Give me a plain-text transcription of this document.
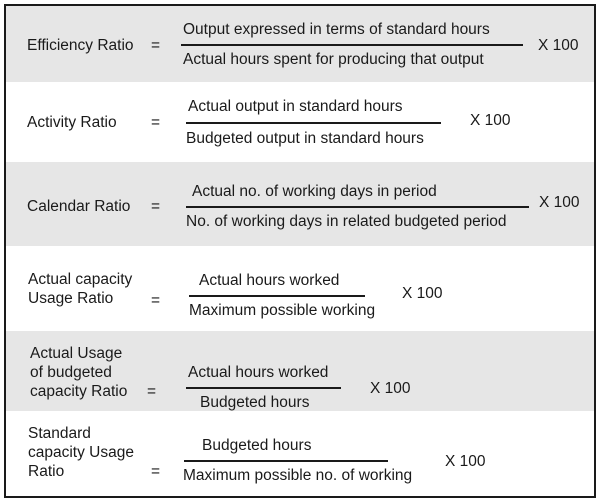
Efficiency Ratio =
Output expressed in terms of standard hours
Actual hours spent for producing that output
X 100
Activity Ratio =
Actual output in standard hours
Budgeted output in standard hours
X 100
Calendar Ratio =
Actual no. of working days in period
No. of working days in related budgeted period
X 100
Actual capacity
Usage Ratio	=
Actual hours worked
Maximum possible working
X 100
Actual Usage
of budgeted
capacity Ratio =
Actual hours worked
Budgeted hours
X 100
Standard
capacity Usage
Ratio	=
Budgeted hours
Maximum possible no. of working
X 100
